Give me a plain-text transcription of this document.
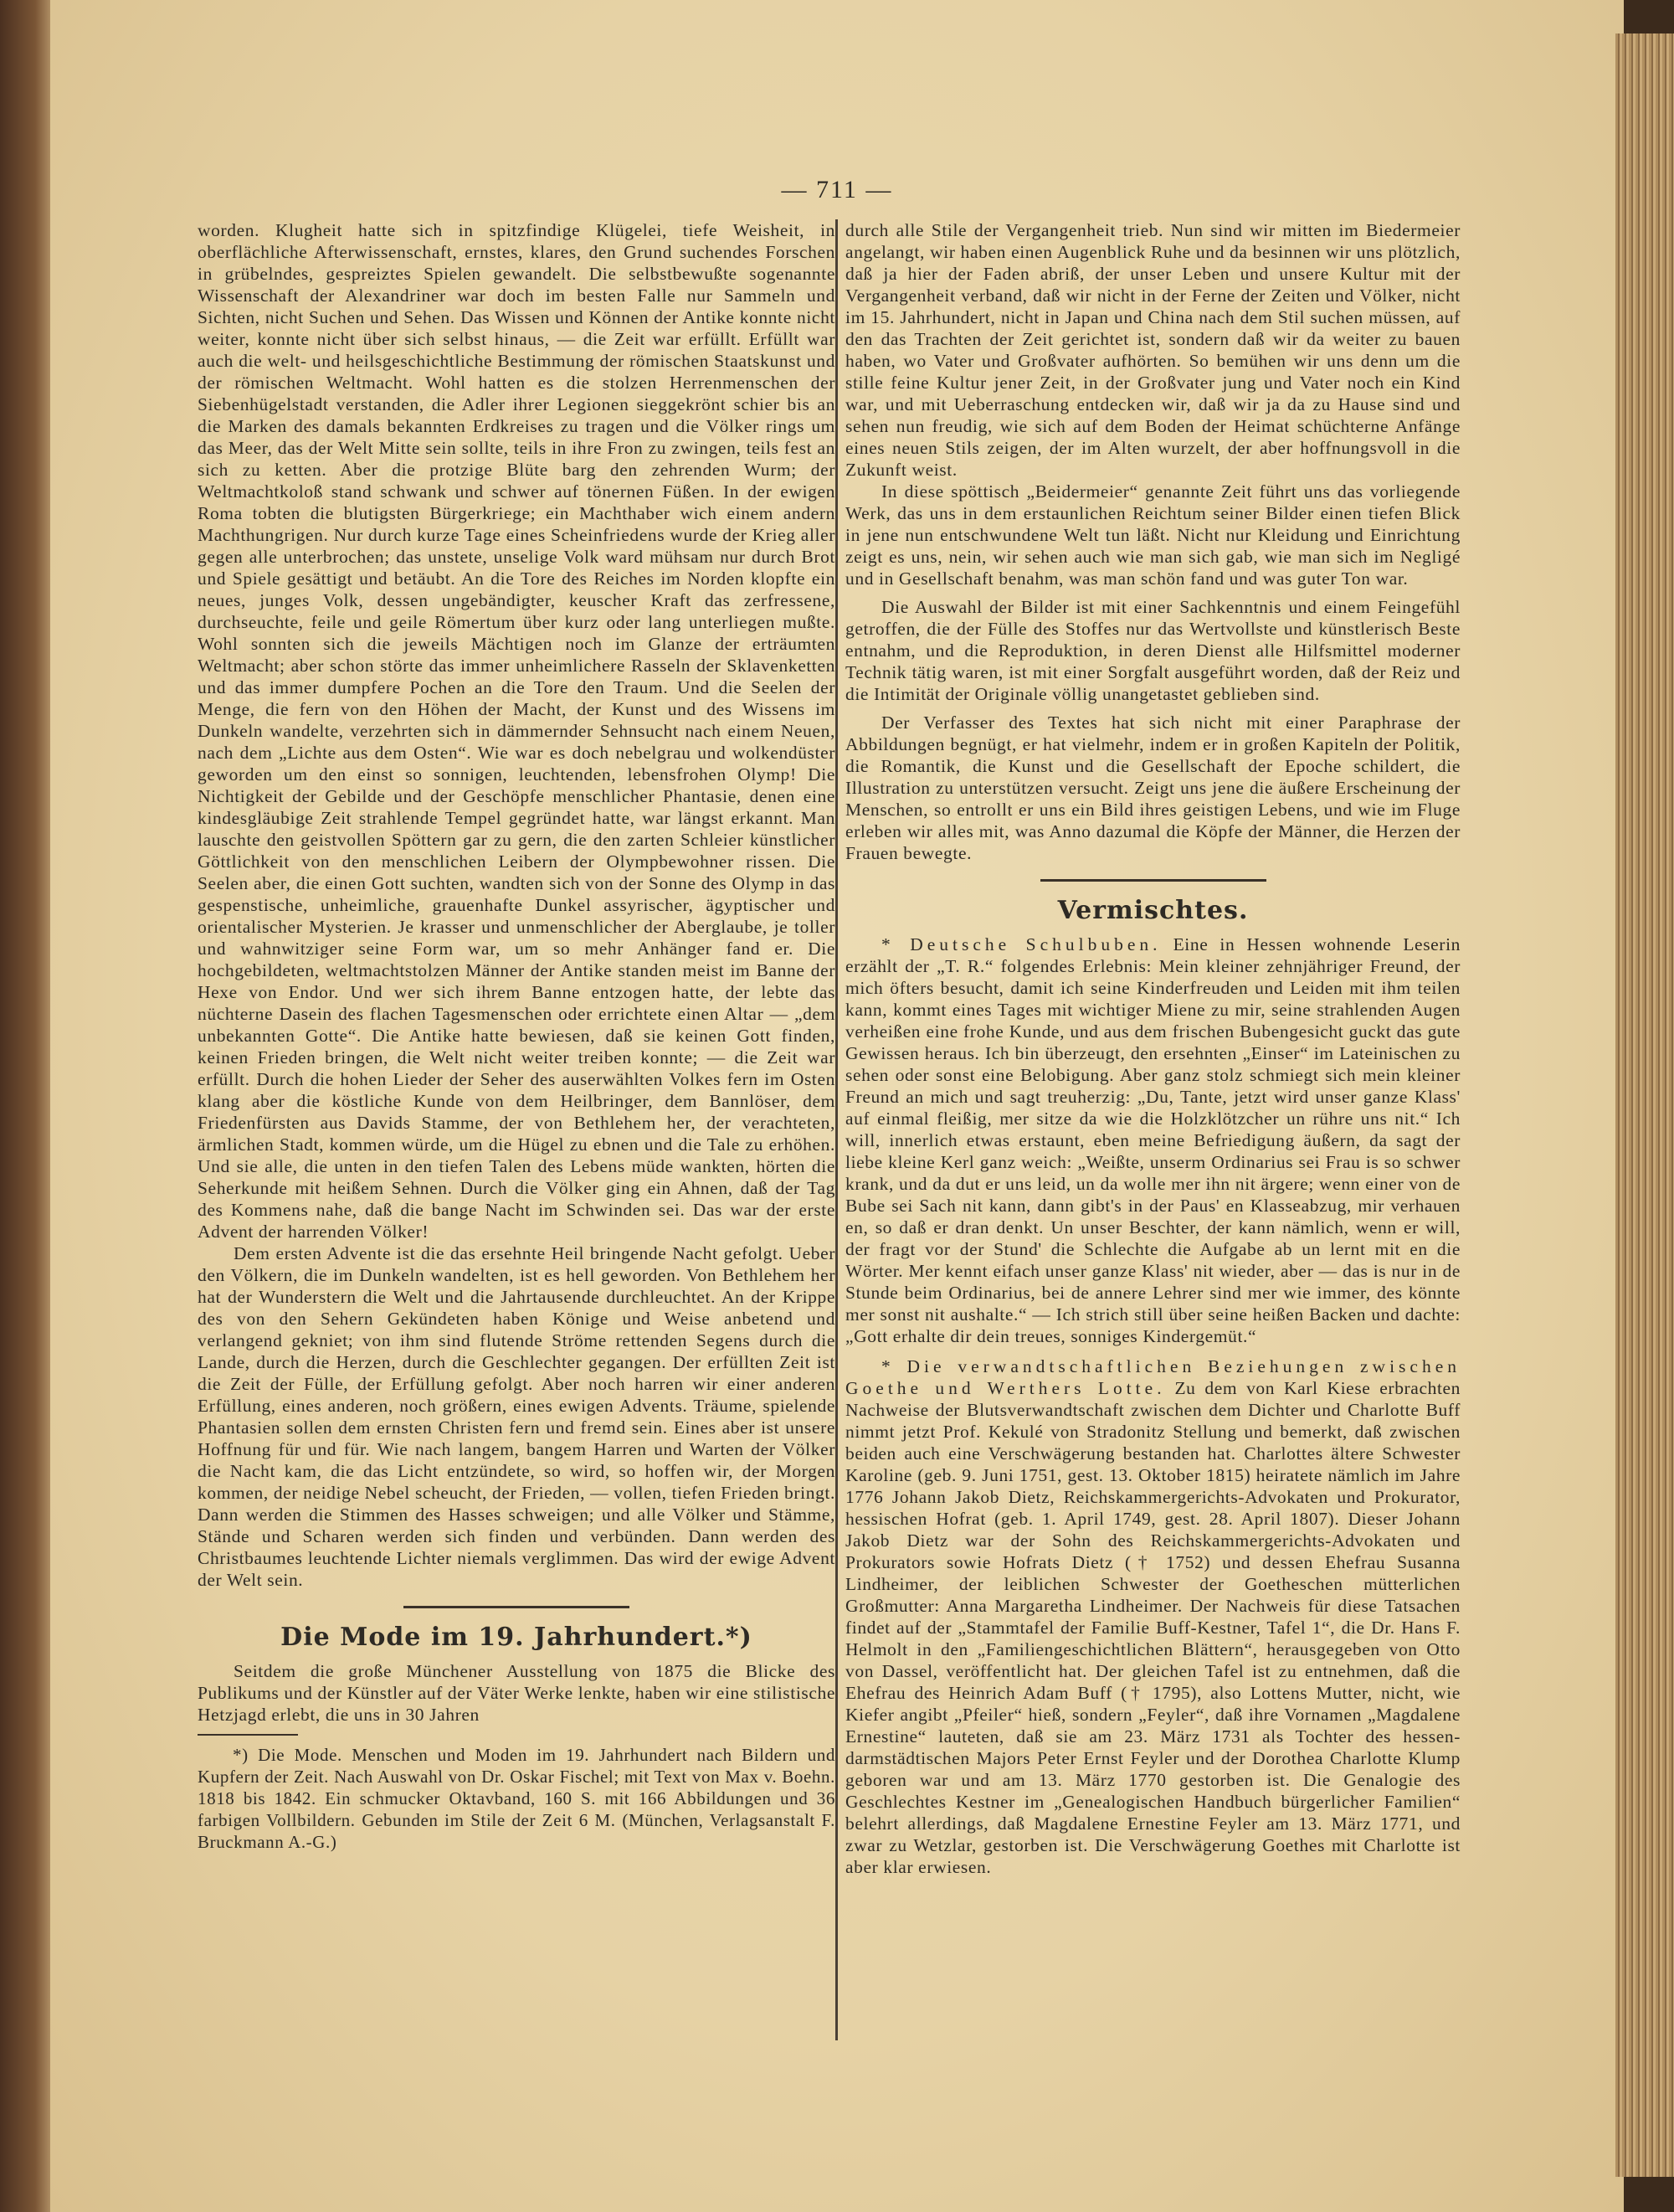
— 711 —

worden. Klugheit hatte sich in spitzfindige Klügelei, tiefe Weisheit, in oberflächliche Afterwissenschaft, ernstes, klares, den Grund suchendes Forschen in grübelndes, gespreiztes Spielen gewandelt. Die selbstbewußte sogenannte Wissenschaft der Alexandriner war doch im besten Falle nur Sammeln und Sichten, nicht Suchen und Sehen. Das Wissen und Können der Antike konnte nicht weiter, konnte nicht über sich selbst hinaus, — die Zeit war erfüllt. Erfüllt war auch die welt- und heilsgeschichtliche Bestimmung der römischen Staatskunst und der römischen Weltmacht. Wohl hatten es die stolzen Herrenmenschen der Siebenhügelstadt verstanden, die Adler ihrer Legionen sieggekrönt schier bis an die Marken des damals bekannten Erdkreises zu tragen und die Völker rings um das Meer, das der Welt Mitte sein sollte, teils in ihre Fron zu zwingen, teils fest an sich zu ketten. Aber die protzige Blüte barg den zehrenden Wurm; der Weltmachtkoloß stand schwank und schwer auf tönernen Füßen. In der ewigen Roma tobten die blutigsten Bürgerkriege; ein Machthaber wich einem andern Machthungrigen. Nur durch kurze Tage eines Scheinfriedens wurde der Krieg aller gegen alle unterbrochen; das unstete, unselige Volk ward mühsam nur durch Brot und Spiele gesättigt und betäubt. An die Tore des Reiches im Norden klopfte ein neues, junges Volk, dessen ungebändigter, keuscher Kraft das zerfressene, durchseuchte, feile und geile Römertum über kurz oder lang unterliegen mußte. Wohl sonnten sich die jeweils Mächtigen noch im Glanze der erträumten Weltmacht; aber schon störte das immer unheimlichere Rasseln der Sklavenketten und das immer dumpfere Pochen an die Tore den Traum. Und die Seelen der Menge, die fern von den Höhen der Macht, der Kunst und des Wissens im Dunkeln wandelte, verzehrten sich in dämmernder Sehnsucht nach einem Neuen, nach dem „Lichte aus dem Osten“. Wie war es doch nebelgrau und wolkendüster geworden um den einst so sonnigen, leuchtenden, lebensfrohen Olymp! Die Nichtigkeit der Gebilde und der Geschöpfe menschlicher Phantasie, denen eine kindesgläubige Zeit strahlende Tempel gegründet hatte, war längst erkannt. Man lauschte den geistvollen Spöttern gar zu gern, die den zarten Schleier künstlicher Göttlichkeit von den menschlichen Leibern der Olympbewohner rissen. Die Seelen aber, die einen Gott suchten, wandten sich von der Sonne des Olymp in das gespenstische, unheimliche, grauenhafte Dunkel assyrischer, ägyptischer und orientalischer Mysterien. Je krasser und unmenschlicher der Aberglaube, je toller und wahnwitziger seine Form war, um so mehr Anhänger fand er. Die hochgebildeten, weltmachtstolzen Männer der Antike standen meist im Banne der Hexe von Endor. Und wer sich ihrem Banne entzogen hatte, der lebte das nüchterne Dasein des flachen Tagesmenschen oder errichtete einen Altar — „dem unbekannten Gotte“. Die Antike hatte bewiesen, daß sie keinen Gott finden, keinen Frieden bringen, die Welt nicht weiter treiben konnte; — die Zeit war erfüllt. Durch die hohen Lieder der Seher des auserwählten Volkes fern im Osten klang aber die köstliche Kunde von dem Heilbringer, dem Bannlöser, dem Friedenfürsten aus Davids Stamme, der von Bethlehem her, der verachteten, ärmlichen Stadt, kommen würde, um die Hügel zu ebnen und die Tale zu erhöhen. Und sie alle, die unten in den tiefen Talen des Lebens müde wankten, hörten die Seherkunde mit heißem Sehnen. Durch die Völker ging ein Ahnen, daß der Tag des Kommens nahe, daß die bange Nacht im Schwinden sei. Das war der erste Advent der harrenden Völker!

Dem ersten Advente ist die das ersehnte Heil bringende Nacht gefolgt. Ueber den Völkern, die im Dunkeln wandelten, ist es hell geworden. Von Bethlehem her hat der Wunderstern die Welt und die Jahrtausende durchleuchtet. An der Krippe des von den Sehern Gekündeten haben Könige und Weise anbetend und verlangend gekniet; von ihm sind flutende Ströme rettenden Segens durch die Lande, durch die Herzen, durch die Geschlechter gegangen. Der erfüllten Zeit ist die Zeit der Fülle, der Erfüllung gefolgt. Aber noch harren wir einer anderen Erfüllung, eines anderen, noch größern, eines ewigen Advents. Träume, spielende Phantasien sollen dem ernsten Christen fern und fremd sein. Eines aber ist unsere Hoffnung für und für. Wie nach langem, bangem Harren und Warten der Völker die Nacht kam, die das Licht entzündete, so wird, so hoffen wir, der Morgen kommen, der neidige Nebel scheucht, der Frieden, — vollen, tiefen Frieden bringt. Dann werden die Stimmen des Hasses schweigen; und alle Völker und Stämme, Stände und Scharen werden sich finden und verbünden. Dann werden des Christbaumes leuchtende Lichter niemals verglimmen. Das wird der ewige Advent der Welt sein.

Die Mode im 19. Jahrhundert.*)

Seitdem die große Münchener Ausstellung von 1875 die Blicke des Publikums und der Künstler auf der Väter Werke lenkte, haben wir eine stilistische Hetzjagd erlebt, die uns in 30 Jahren

*) Die Mode. Menschen und Moden im 19. Jahrhundert nach Bildern und Kupfern der Zeit. Nach Auswahl von Dr. Oskar Fischel; mit Text von Max v. Boehn. 1818 bis 1842. Ein schmucker Oktavband, 160 S. mit 166 Abbildungen und 36 farbigen Vollbildern. Gebunden im Stile der Zeit 6 M. (München, Verlagsanstalt F. Bruckmann A.-G.)

durch alle Stile der Vergangenheit trieb. Nun sind wir mitten im Biedermeier angelangt, wir haben einen Augenblick Ruhe und da besinnen wir uns plötzlich, daß ja hier der Faden abriß, der unser Leben und unsere Kultur mit der Vergangenheit verband, daß wir nicht in der Ferne der Zeiten und Völker, nicht im 15. Jahrhundert, nicht in Japan und China nach dem Stil suchen müssen, auf den das Trachten der Zeit gerichtet ist, sondern daß wir da weiter zu bauen haben, wo Vater und Großvater aufhörten. So bemühen wir uns denn um die stille feine Kultur jener Zeit, in der Großvater jung und Vater noch ein Kind war, und mit Ueberraschung entdecken wir, daß wir ja da zu Hause sind und sehen nun freudig, wie sich auf dem Boden der Heimat schüchterne Anfänge eines neuen Stils zeigen, der im Alten wurzelt, der aber hoffnungsvoll in die Zukunft weist.

In diese spöttisch „Beidermeier“ genannte Zeit führt uns das vorliegende Werk, das uns in dem erstaunlichen Reichtum seiner Bilder einen tiefen Blick in jene nun entschwundene Welt tun läßt. Nicht nur Kleidung und Einrichtung zeigt es uns, nein, wir sehen auch wie man sich gab, wie man sich im Negligé und in Gesellschaft benahm, was man schön fand und was guter Ton war.

Die Auswahl der Bilder ist mit einer Sachkenntnis und einem Feingefühl getroffen, die der Fülle des Stoffes nur das Wertvollste und künstlerisch Beste entnahm, und die Reproduktion, in deren Dienst alle Hilfsmittel moderner Technik tätig waren, ist mit einer Sorgfalt ausgeführt worden, daß der Reiz und die Intimität der Originale völlig unangetastet geblieben sind.

Der Verfasser des Textes hat sich nicht mit einer Paraphrase der Abbildungen begnügt, er hat vielmehr, indem er in großen Kapiteln der Politik, die Romantik, die Kunst und die Gesellschaft der Epoche schildert, die Illustration zu unterstützen versucht. Zeigt uns jene die äußere Erscheinung der Menschen, so entrollt er uns ein Bild ihres geistigen Lebens, und wie im Fluge erleben wir alles mit, was Anno dazumal die Köpfe der Männer, die Herzen der Frauen bewegte.

Vermischtes.

* Deutsche Schulbuben. Eine in Hessen wohnende Leserin erzählt der „T. R.“ folgendes Erlebnis: Mein kleiner zehnjähriger Freund, der mich öfters besucht, damit ich seine Kinderfreuden und Leiden mit ihm teilen kann, kommt eines Tages mit wichtiger Miene zu mir, seine strahlenden Augen verheißen eine frohe Kunde, und aus dem frischen Bubengesicht guckt das gute Gewissen heraus. Ich bin überzeugt, den ersehnten „Einser“ im Lateinischen zu sehen oder sonst eine Belobigung. Aber ganz stolz schmiegt sich mein kleiner Freund an mich und sagt treuherzig: „Du, Tante, jetzt wird unser ganze Klass' auf einmal fleißig, mer sitze da wie die Holzklötzcher un rühre uns nit.“ Ich will, innerlich etwas erstaunt, eben meine Befriedigung äußern, da sagt der liebe kleine Kerl ganz weich: „Weißte, unserm Ordinarius sei Frau is so schwer krank, und da dut er uns leid, un da wolle mer ihn nit ärgere; wenn einer von de Bube sei Sach nit kann, dann gibt's in der Paus' en Klasseabzug, mir verhauen en, so daß er dran denkt. Un unser Beschter, der kann nämlich, wenn er will, der fragt vor der Stund' die Schlechte die Aufgabe ab un lernt mit en die Wörter. Mer kennt eifach unser ganze Klass' nit wieder, aber — das is nur in de Stunde beim Ordinarius, bei de annere Lehrer sind mer wie immer, des könnte mer sonst nit aushalte.“ — Ich strich still über seine heißen Backen und dachte: „Gott erhalte dir dein treues, sonniges Kindergemüt.“

* Die verwandtschaftlichen Beziehungen zwischen Goethe und Werthers Lotte. Zu dem von Karl Kiese erbrachten Nachweise der Blutsverwandtschaft zwischen dem Dichter und Charlotte Buff nimmt jetzt Prof. Kekulé von Stradonitz Stellung und bemerkt, daß zwischen beiden auch eine Verschwägerung bestanden hat. Charlottes ältere Schwester Karoline (geb. 9. Juni 1751, gest. 13. Oktober 1815) heiratete nämlich im Jahre 1776 Johann Jakob Dietz, Reichskammergerichts-Advokaten und Prokurator, hessischen Hofrat (geb. 1. April 1749, gest. 28. April 1807). Dieser Johann Jakob Dietz war der Sohn des Reichskammergerichts-Advokaten und Prokurators sowie Hofrats Dietz († 1752) und dessen Ehefrau Susanna Lindheimer, der leiblichen Schwester der Goetheschen mütterlichen Großmutter: Anna Margaretha Lindheimer. Der Nachweis für diese Tatsachen findet auf der „Stammtafel der Familie Buff-Kestner, Tafel 1“, die Dr. Hans F. Helmolt in den „Familiengeschichtlichen Blättern“, herausgegeben von Otto von Dassel, veröffentlicht hat. Der gleichen Tafel ist zu entnehmen, daß die Ehefrau des Heinrich Adam Buff († 1795), also Lottens Mutter, nicht, wie Kiefer angibt „Pfeiler“ hieß, sondern „Feyler“, daß ihre Vornamen „Magdalene Ernestine“ lauteten, daß sie am 23. März 1731 als Tochter des hessen-darmstädtischen Majors Peter Ernst Feyler und der Dorothea Charlotte Klump geboren war und am 13. März 1770 gestorben ist. Die Genalogie des Geschlechtes Kestner im „Genealogischen Handbuch bürgerlicher Familien“ belehrt allerdings, daß Magdalene Ernestine Feyler am 13. März 1771, und zwar zu Wetzlar, gestorben ist. Die Verschwägerung Goethes mit Charlotte ist aber klar erwiesen.
